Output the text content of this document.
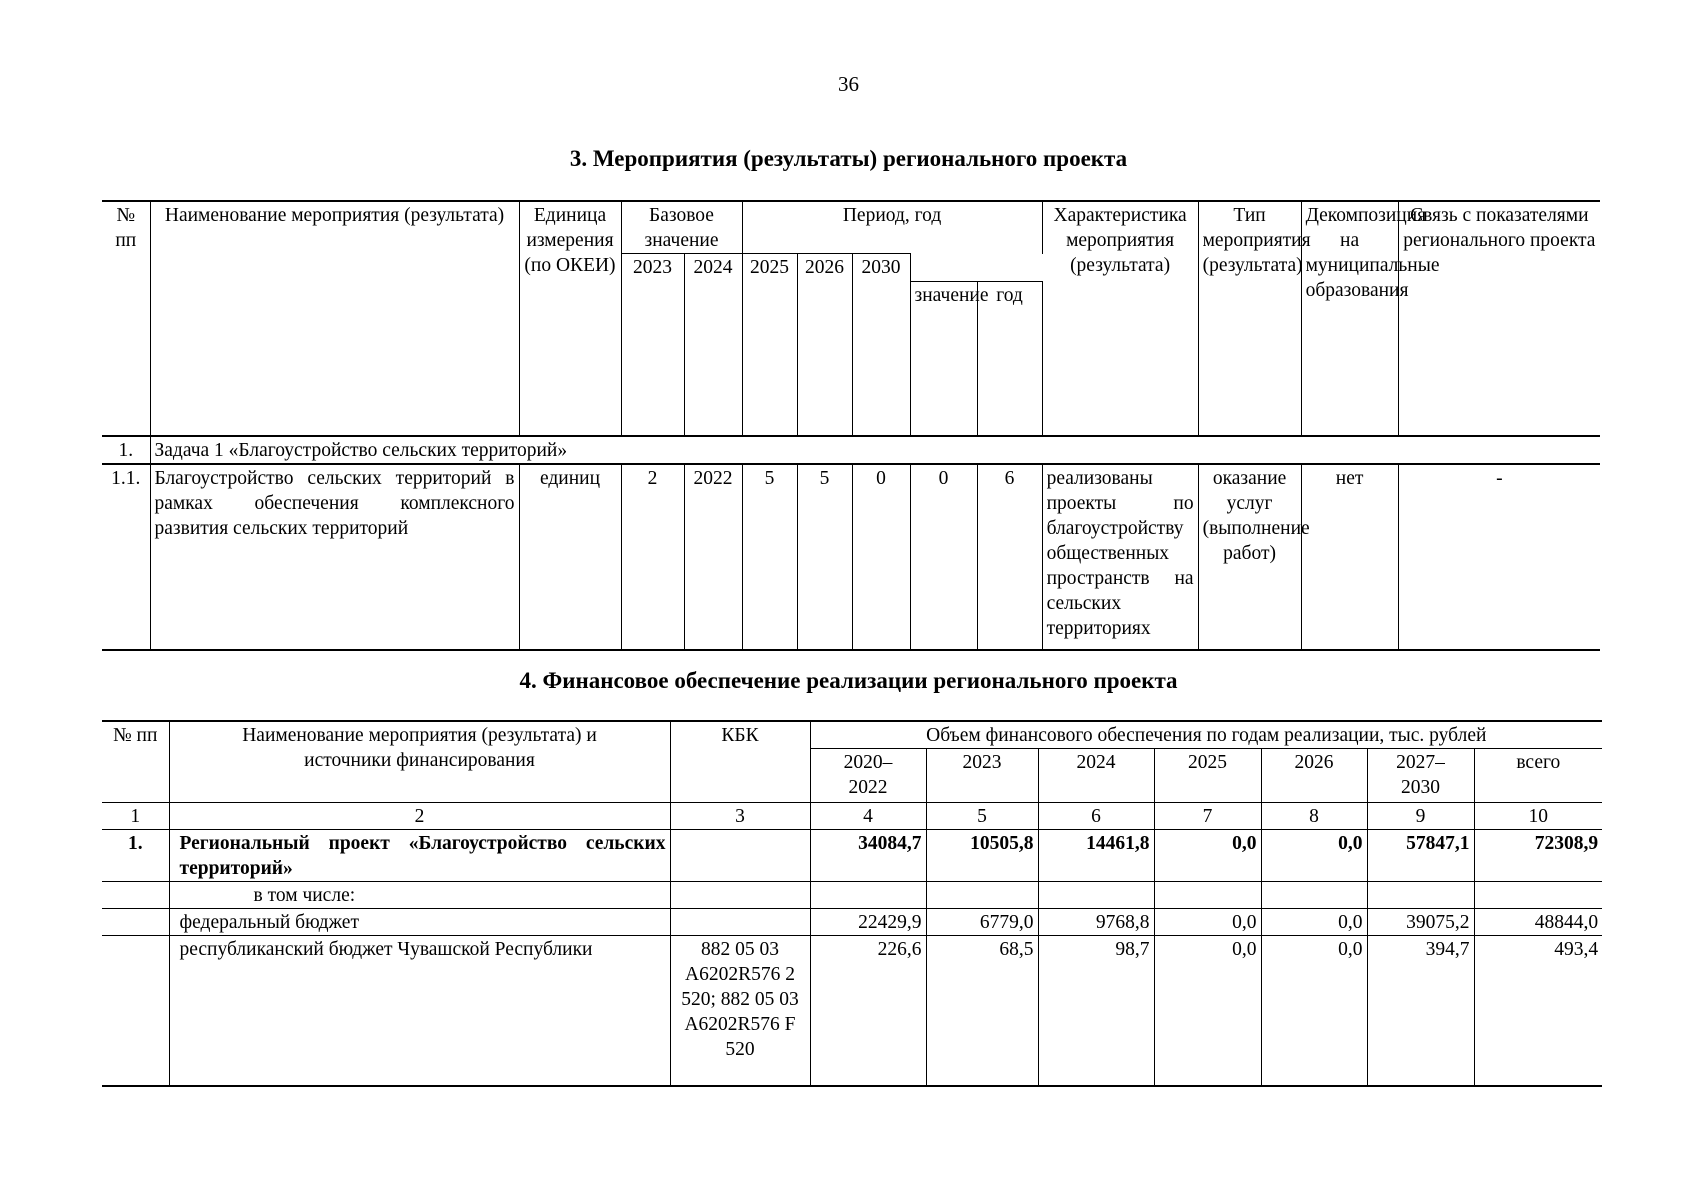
36
3. Мероприятия (результаты) регионального проекта
№ пп	Наименование мероприятия (результата)	Единица измерения (по ОКЕИ)	Базовое значение		Период, год					Характеристика мероприятия (результата)	Тип мероприятия (результата)	Декомпозиция на муниципальные образования	Связь с показателями регионального проекта
			2023	2024	2025	2026	2030						
								значение	год				
1.	Задача 1 «Благоустройство сельских территорий»												
1.1.	Благоустройство сельских территорий в рамках обеспечения комплексного развития сельских территорий	единиц	2	2022	5	5	0	0	6	реализованы проекты по благоустройству общественных пространств на сельских территориях	оказание услуг (выполнение работ)	нет	-
4. Финансовое обеспечение реализации регионального проекта
№ пп	Наименование мероприятия (результата) и источники финансирования	КБК	Объем финансового обеспечения по годам реализации, тыс. рублей						
			2020– 2022	2023	2024	2025	2026	2027– 2030	всего
1	2	3	4	5	6	7	8	9	10
1.	Региональный проект «Благоустройство сельских территорий»		34084,7	10505,8	14461,8	0,0	0,0	57847,1	72308,9
	в том числе:								
	федеральный бюджет		22429,9	6779,0	9768,8	0,0	0,0	39075,2	48844,0
	республиканский бюджет Чувашской Республики	882 05 03 А6202R576 2 520; 882 05 03 А6202R576 F 520	226,6	68,5	98,7	0,0	0,0	394,7	493,4
